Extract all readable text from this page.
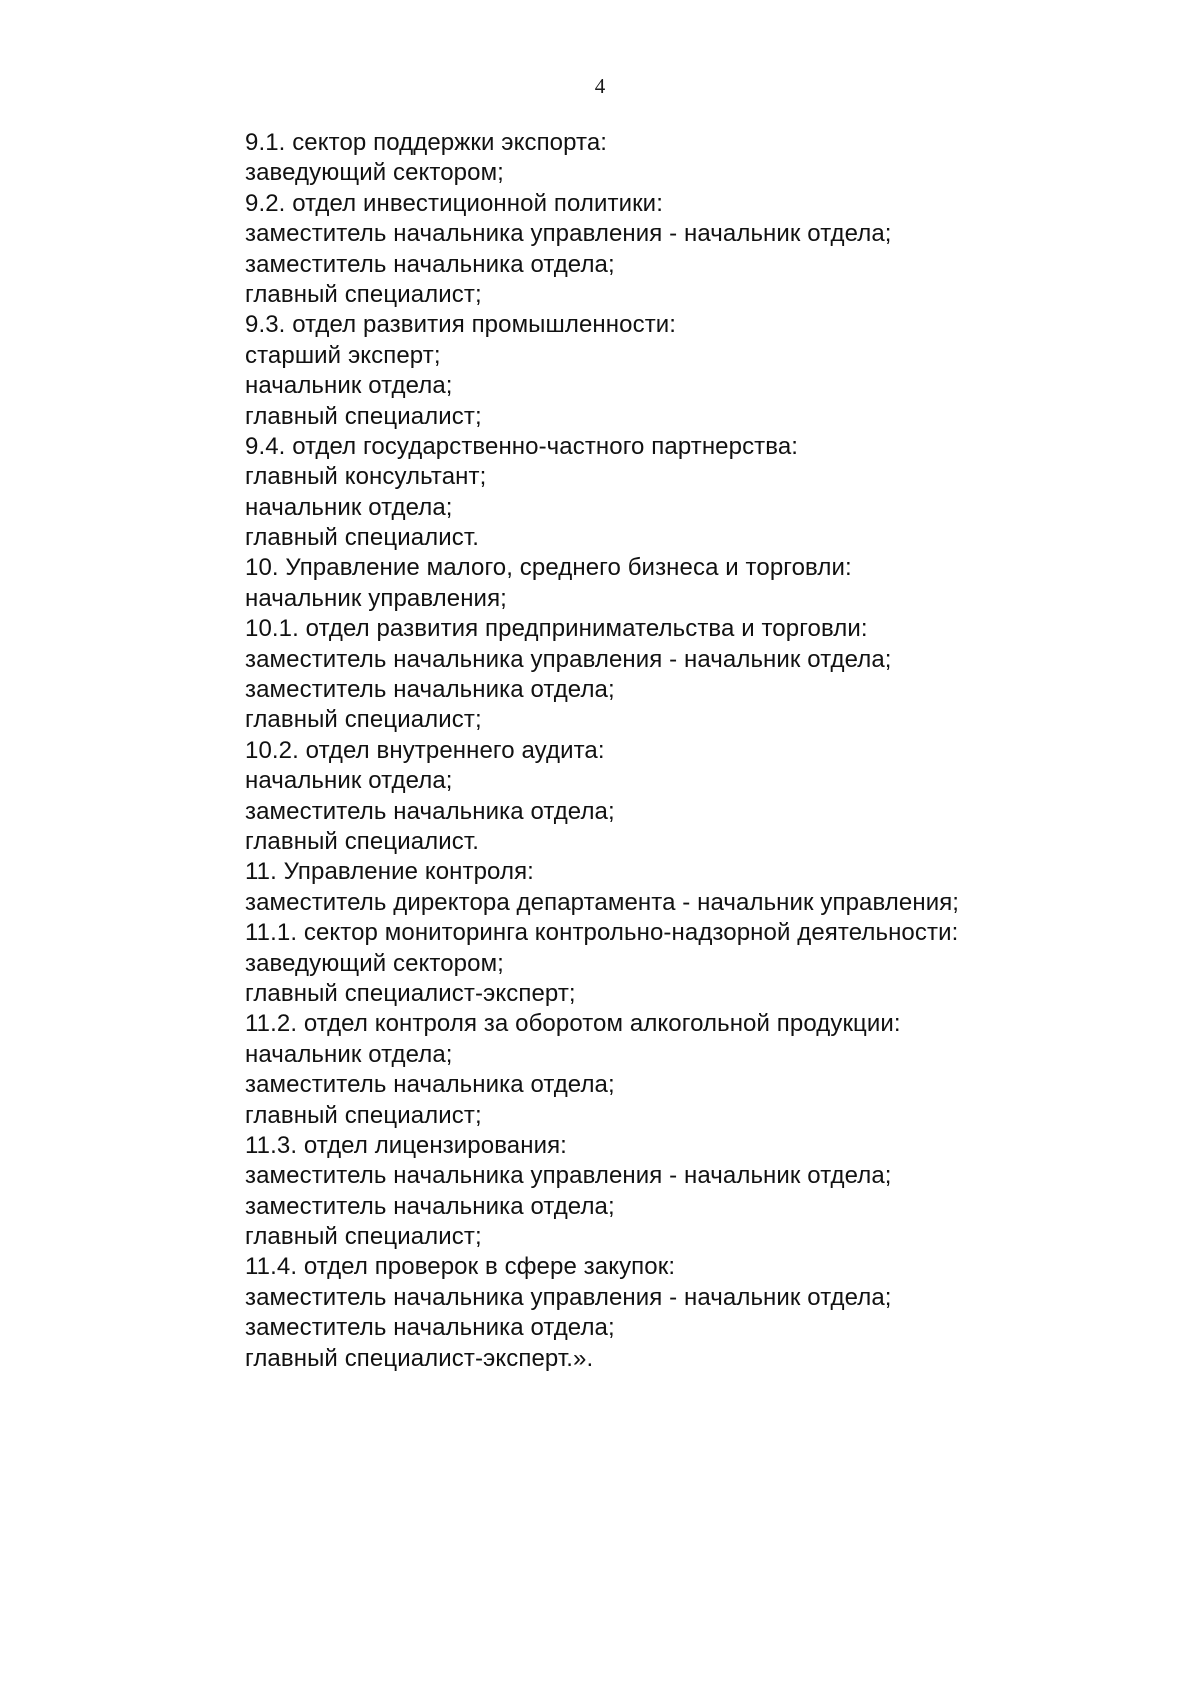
4
9.1. сектор поддержки экспорта:
заведующий сектором;
9.2. отдел инвестиционной политики:
заместитель начальника управления - начальник отдела;
заместитель начальника отдела;
главный специалист;
9.3. отдел развития промышленности:
старший эксперт;
начальник отдела;
главный специалист;
9.4. отдел государственно-частного партнерства:
главный консультант;
начальник отдела;
главный специалист.
10. Управление малого, среднего бизнеса и торговли:
начальник управления;
10.1. отдел развития предпринимательства и торговли:
заместитель начальника управления - начальник отдела;
заместитель начальника отдела;
главный специалист;
10.2. отдел внутреннего аудита:
начальник отдела;
заместитель начальника отдела;
главный специалист.
11. Управление контроля:
заместитель директора департамента - начальник управления;
11.1. сектор мониторинга контрольно-надзорной деятельности:
заведующий сектором;
главный специалист-эксперт;
11.2. отдел контроля за оборотом алкогольной продукции:
начальник отдела;
заместитель начальника отдела;
главный специалист;
11.3. отдел лицензирования:
заместитель начальника управления - начальник отдела;
заместитель начальника отдела;
главный специалист;
11.4. отдел проверок в сфере закупок:
заместитель начальника управления - начальник отдела;
заместитель начальника отдела;
главный специалист-эксперт.».
